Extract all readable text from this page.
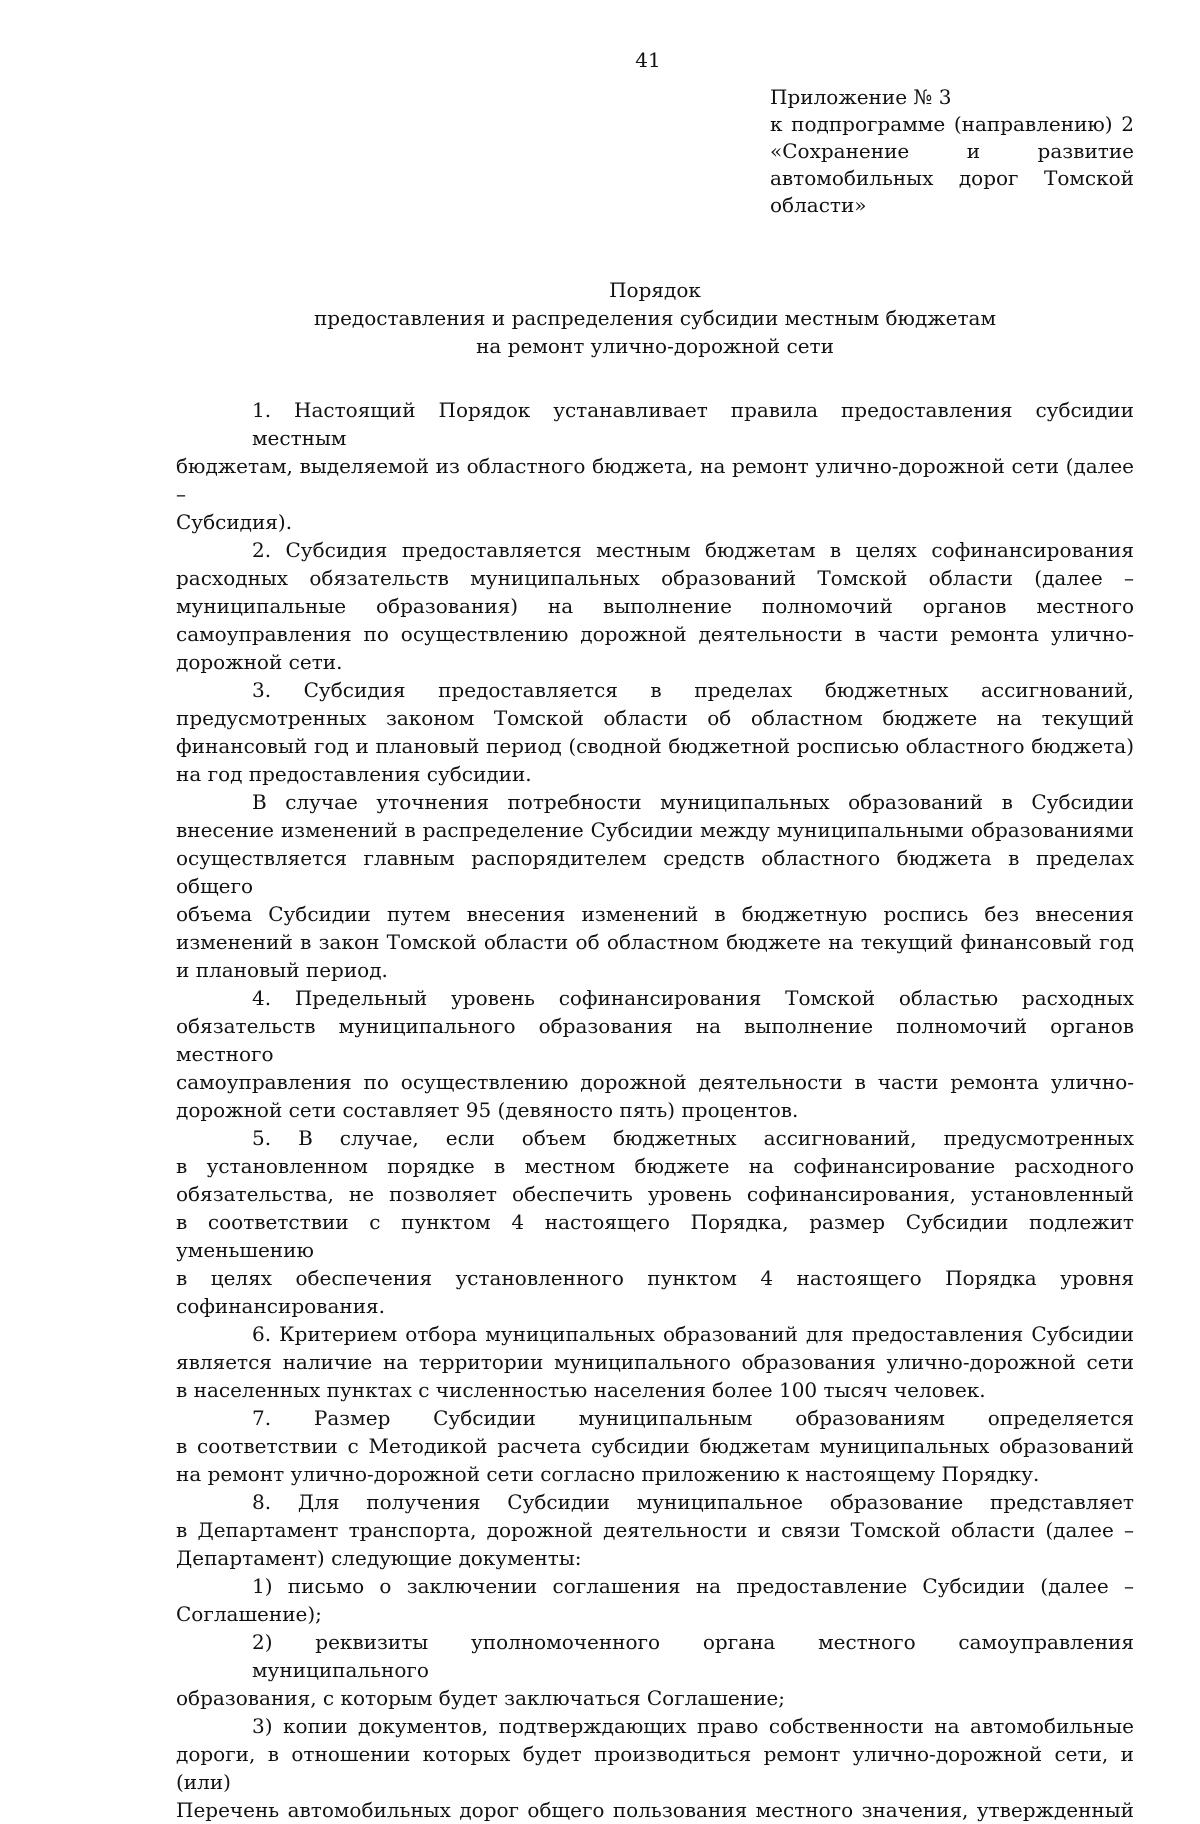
41
Приложение № 3
к подпрограмме (направлению) 2
«Сохранение и развитие
автомобильных дорог Томской
области»
Порядок
предоставления и распределения субсидии местным бюджетам
на ремонт улично-дорожной сети

1. Настоящий Порядок устанавливает правила предоставления субсидии местным
бюджетам, выделяемой из областного бюджета, на ремонт улично-дорожной сети (далее –
Субсидия).

2. Субсидия предоставляется местным бюджетам в целях софинансирования
расходных обязательств муниципальных образований Томской области (далее –
муниципальные образования) на выполнение полномочий органов местного
самоуправления по осуществлению дорожной деятельности в части ремонта улично-
дорожной сети.

3. Субсидия предоставляется в пределах бюджетных ассигнований,
предусмотренных законом Томской области об областном бюджете на текущий
финансовый год и плановый период (сводной бюджетной росписью областного бюджета)
на год предоставления субсидии.

В случае уточнения потребности муниципальных образований в Субсидии
внесение изменений в распределение Субсидии между муниципальными образованиями
осуществляется главным распорядителем средств областного бюджета в пределах общего
объема Субсидии путем внесения изменений в бюджетную роспись без внесения
изменений в закон Томской области об областном бюджете на текущий финансовый год
и плановый период.

4. Предельный уровень софинансирования Томской областью расходных
обязательств муниципального образования на выполнение полномочий органов местного
самоуправления по осуществлению дорожной деятельности в части ремонта улично-
дорожной сети составляет 95 (девяносто пять) процентов.

5. В случае, если объем бюджетных ассигнований, предусмотренных
в установленном порядке в местном бюджете на софинансирование расходного
обязательства, не позволяет обеспечить уровень софинансирования, установленный
в соответствии с пунктом 4 настоящего Порядка, размер Субсидии подлежит уменьшению
в целях обеспечения установленного пунктом 4 настоящего Порядка уровня
софинансирования.

6. Критерием отбора муниципальных образований для предоставления Субсидии
является наличие на территории муниципального образования улично-дорожной сети
в населенных пунктах с численностью населения более 100 тысяч человек.

7. Размер Субсидии муниципальным образованиям определяется
в соответствии с Методикой расчета субсидии бюджетам муниципальных образований
на ремонт улично-дорожной сети согласно приложению к настоящему Порядку.

8. Для получения Субсидии муниципальное образование представляет
в Департамент транспорта, дорожной деятельности и связи Томской области (далее –
Департамент) следующие документы:

1) письмо о заключении соглашения на предоставление Субсидии (далее –
Соглашение);

2) реквизиты уполномоченного органа местного самоуправления муниципального
образования, с которым будет заключаться Соглашение;

3) копии документов, подтверждающих право собственности на автомобильные
дороги, в отношении которых будет производиться ремонт улично-дорожной сети, и (или)
Перечень автомобильных дорог общего пользования местного значения, утвержденный
